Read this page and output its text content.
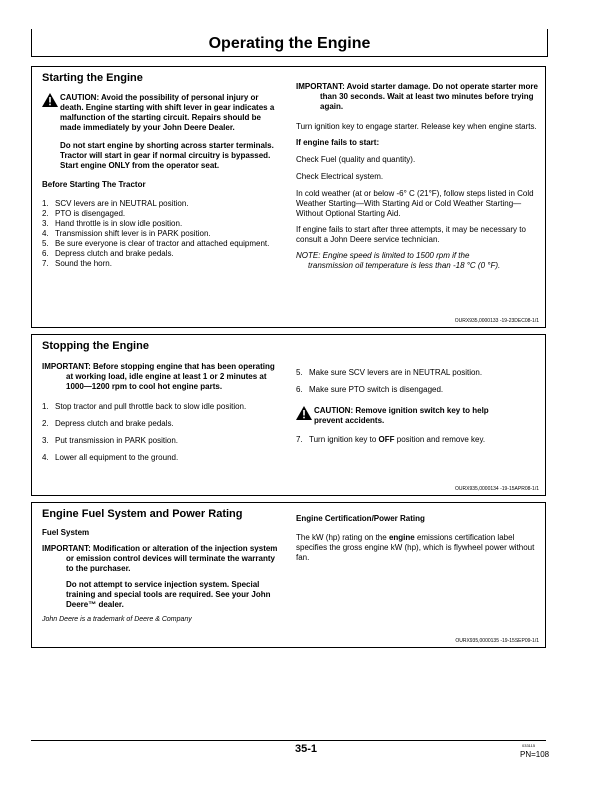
Operating the Engine

Starting the Engine

CAUTION: Avoid the possibility of personal injury or death. Engine starting with shift lever in gear indicates a malfunction of the starting circuit. Repairs should be made immediately by your John Deere Dealer.

Do not start engine by shorting across starter terminals. Tractor will start in gear if normal circuitry is bypassed. Start engine ONLY from the operator seat.

Before Starting The Tractor

1. SCV levers are in NEUTRAL position.
2. PTO is disengaged.
3. Hand throttle is in slow idle position.
4. Transmission shift lever is in PARK position.
5. Be sure everyone is clear of tractor and attached equipment.
6. Depress clutch and brake pedals.
7. Sound the horn.

IMPORTANT: Avoid starter damage. Do not operate starter more than 30 seconds. Wait at least two minutes before trying again.

Turn ignition key to engage starter. Release key when engine starts.

If engine fails to start:

Check Fuel (quality and quantity).

Check Electrical system.

In cold weather (at or below -6° C (21°F), follow steps listed in Cold Weather Starting—With Starting Aid or Cold Weather Starting—Without Optional Starting Aid.

If engine fails to start after three attempts, it may be necessary to consult a John Deere service technician.

NOTE: Engine speed is limited to 1500 rpm if the transmission oil temperature is less than -18 °C (0 °F).

OURX935,0000133 -19-23DEC08-1/1

Stopping the Engine

IMPORTANT: Before stopping engine that has been operating at working load, idle engine at least 1 or 2 minutes at 1000—1200 rpm to cool hot engine parts.

1. Stop tractor and pull throttle back to slow idle position.
2. Depress clutch and brake pedals.
3. Put transmission in PARK position.
4. Lower all equipment to the ground.
5. Make sure SCV levers are in NEUTRAL position.
6. Make sure PTO switch is disengaged.
CAUTION: Remove ignition switch key to help prevent accidents.
7. Turn ignition key to OFF position and remove key.
OURX935,0000134 -19-15APR08-1/1

Engine Fuel System and Power Rating

Fuel System

IMPORTANT: Modification or alteration of the injection system or emission control devices will terminate the warranty to the purchaser.

Do not attempt to service injection system. Special training and special tools are required. See your John Deere™ dealer.

John Deere is a trademark of Deere & Company

Engine Certification/Power Rating

The kW (hp) rating on the engine emissions certification label specifies the gross engine kW (hp), which is flywheel power without fan.

OURX935,0000135 -19-15SEP09-1/1
35-1	033115
PN=108
